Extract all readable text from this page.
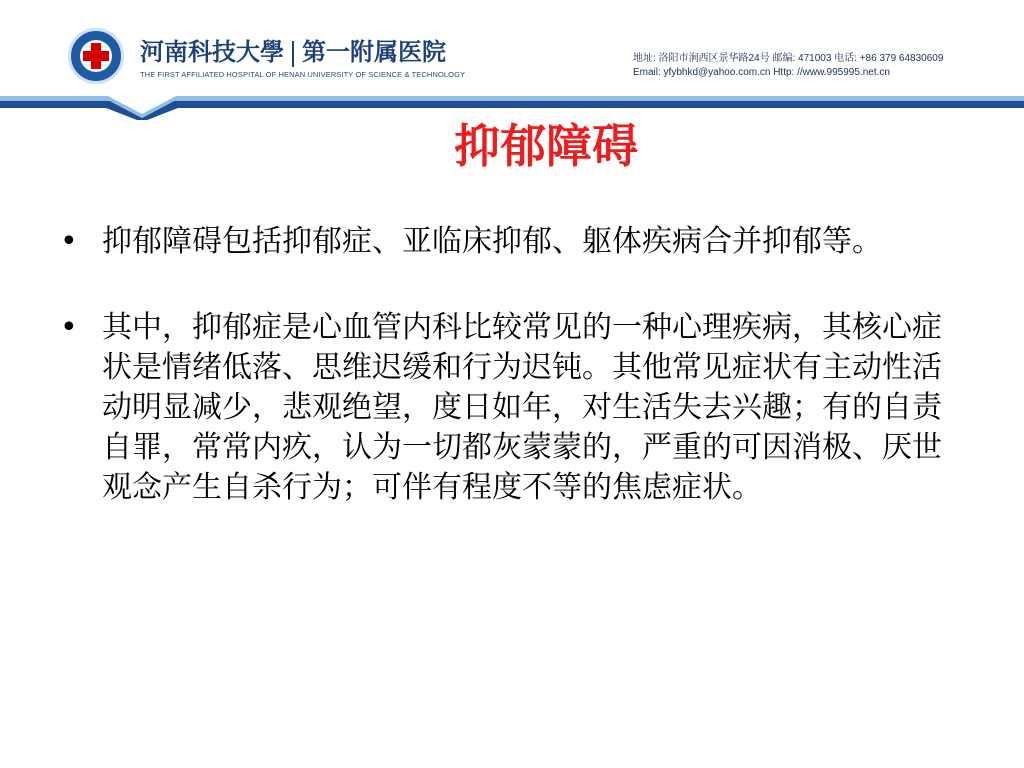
河南科技大學 第一附属医院
THE FIRST AFFILIATED HOSPITAL OF HENAN UNIVERSITY OF SCIENCE & TECHNOLOGY
地址: 洛阳市涧西区景华路24号 邮编: 471003 电话: +86 379 64830609
Email: yfybhkd@yahoo.com.cn Http: //www.995995.net.cn
抑郁障碍
• 抑郁障碍包括抑郁症、亚临床抑郁、躯体疾病合并抑郁等。
• 其中，抑郁症是心血管内科比较常见的一种心理疾病，其核心症状是情绪低落、思维迟缓和行为迟钝。其他常见症状有主动性活动明显减少，悲观绝望，度日如年，对生活失去兴趣；有的自责自罪，常常内疚，认为一切都灰蒙蒙的，严重的可因消极、厌世观念产生自杀行为；可伴有程度不等的焦虑症状。
